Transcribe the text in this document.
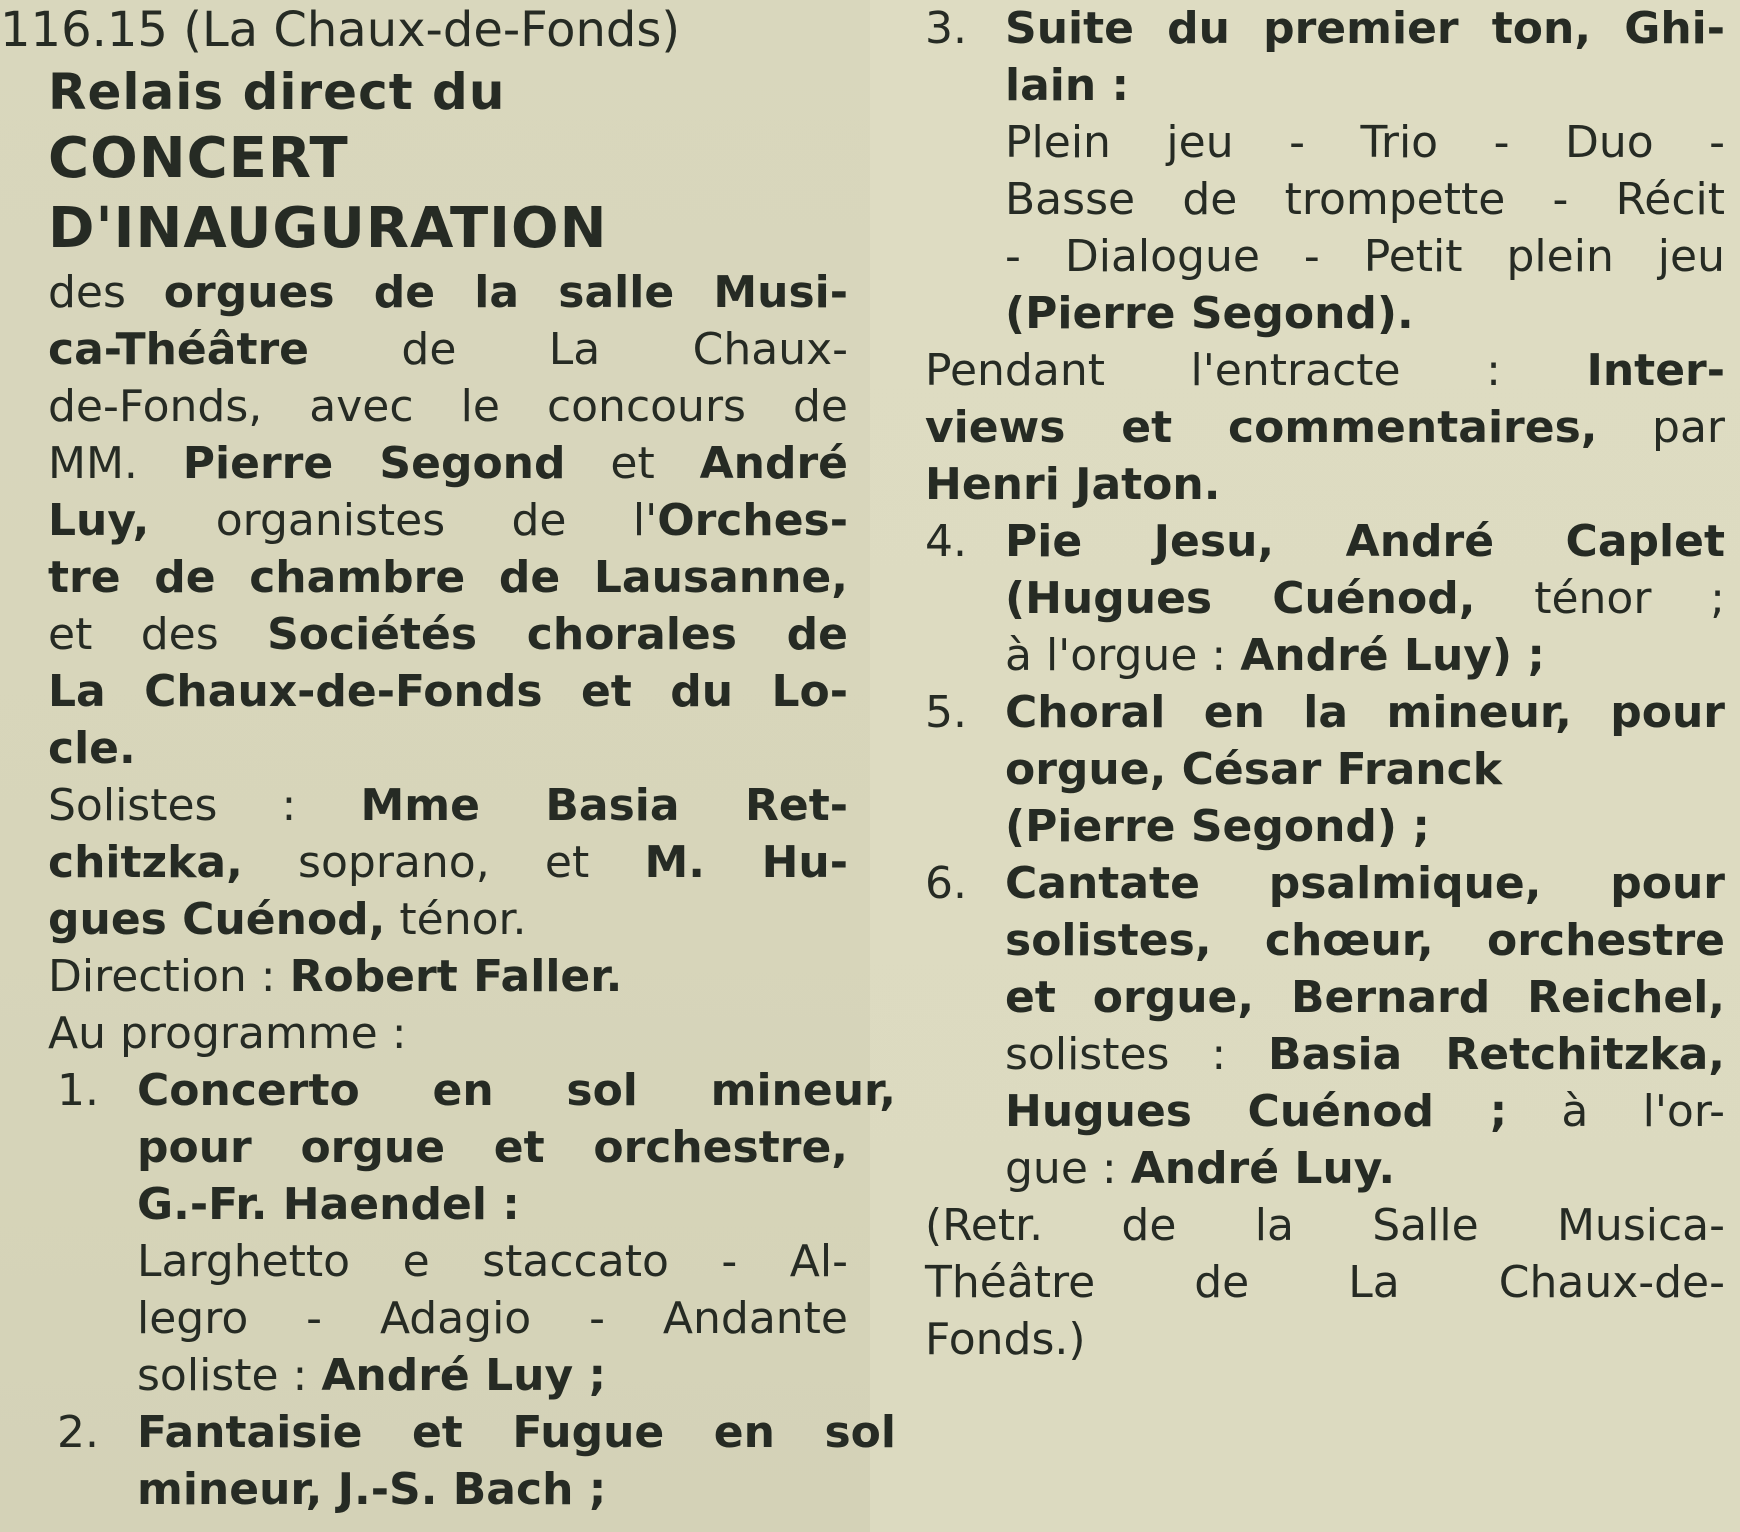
116.15 (La Chaux-de-Fonds)
Relais direct du
CONCERT
D'INAUGURATION
des orgues de la salle Musi-
ca-Théâtre de La Chaux-
de-Fonds, avec le concours de
MM. Pierre Segond et André
Luy, organistes de l'Orches-
tre de chambre de Lausanne,
et des Sociétés chorales de
La Chaux-de-Fonds et du Lo-
cle.
Solistes : Mme Basia Ret-
chitzka, soprano, et M. Hu-
gues Cuénod, ténor.
Direction : Robert Faller.
Au programme :
1. Concerto en sol mineur,
pour orgue et orchestre,
G.-Fr. Haendel :
Larghetto e staccato - Al-
legro - Adagio - Andante
soliste : André Luy ;
2. Fantaisie et Fugue en sol
mineur, J.-S. Bach ;
3. Suite du premier ton, Ghi-
lain :
Plein jeu - Trio - Duo -
Basse de trompette - Récit
- Dialogue - Petit plein jeu
(Pierre Segond).
Pendant l'entracte : Inter-
views et commentaires, par
Henri Jaton.
4. Pie Jesu, André Caplet
(Hugues Cuénod, ténor ;
à l'orgue : André Luy) ;
5. Choral en la mineur, pour
orgue, César Franck
(Pierre Segond) ;
6. Cantate psalmique, pour
solistes, chœur, orchestre
et orgue, Bernard Reichel,
solistes : Basia Retchitzka,
Hugues Cuénod ; à l'or-
gue : André Luy.
(Retr. de la Salle Musica-
Théâtre de La Chaux-de-
Fonds.)
